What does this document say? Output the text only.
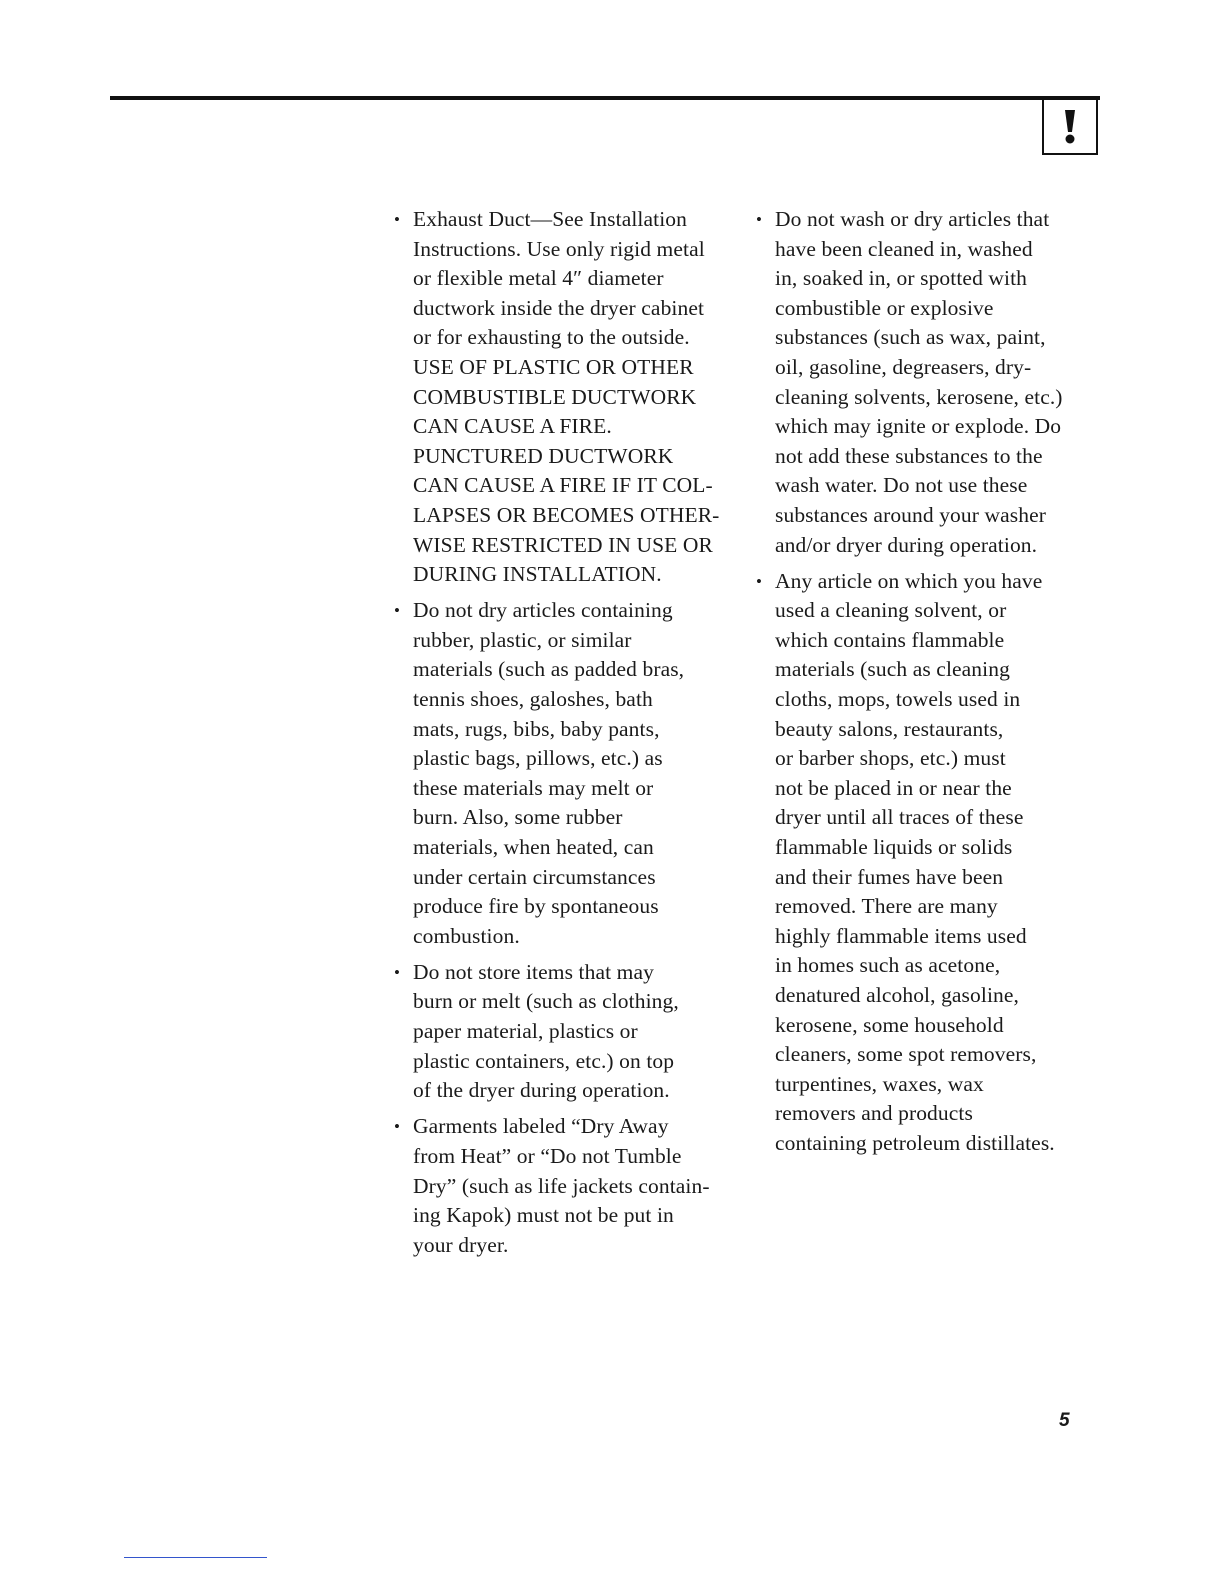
• Exhaust Duct—See Installation
Instructions. Use only rigid metal
or flexible metal 4″ diameter
ductwork inside the dryer cabinet
or for exhausting to the outside.
USE OF PLASTIC OR OTHER
COMBUSTIBLE DUCTWORK
CAN CAUSE A FIRE.
PUNCTURED DUCTWORK
CAN CAUSE A FIRE IF IT COL-
LAPSES OR BECOMES OTHER-
WISE RESTRICTED IN USE OR
DURING INSTALLATION.
• Do not dry articles containing
rubber, plastic, or similar
materials (such as padded bras,
tennis shoes, galoshes, bath
mats, rugs, bibs, baby pants,
plastic bags, pillows, etc.) as
these materials may melt or
burn. Also, some rubber
materials, when heated, can
under certain circumstances
produce fire by spontaneous
combustion.
• Do not store items that may
burn or melt (such as clothing,
paper material, plastics or
plastic containers, etc.) on top
of the dryer during operation.
• Garments labeled “Dry Away
from Heat” or “Do not Tumble
Dry” (such as life jackets contain-
ing Kapok) must not be put in
your dryer.
• Do not wash or dry articles that
have been cleaned in, washed
in, soaked in, or spotted with
combustible or explosive
substances (such as wax, paint,
oil, gasoline, degreasers, dry-
cleaning solvents, kerosene, etc.)
which may ignite or explode. Do
not add these substances to the
wash water. Do not use these
substances around your washer
and/or dryer during operation.
• Any article on which you have
used a cleaning solvent, or
which contains flammable
materials (such as cleaning
cloths, mops, towels used in
beauty salons, restaurants,
or barber shops, etc.) must
not be placed in or near the
dryer until all traces of these
flammable liquids or solids
and their fumes have been
removed. There are many
highly flammable items used
in homes such as acetone,
denatured alcohol, gasoline,
kerosene, some household
cleaners, some spot removers,
turpentines, waxes, wax
removers and products
containing petroleum distillates.
5
